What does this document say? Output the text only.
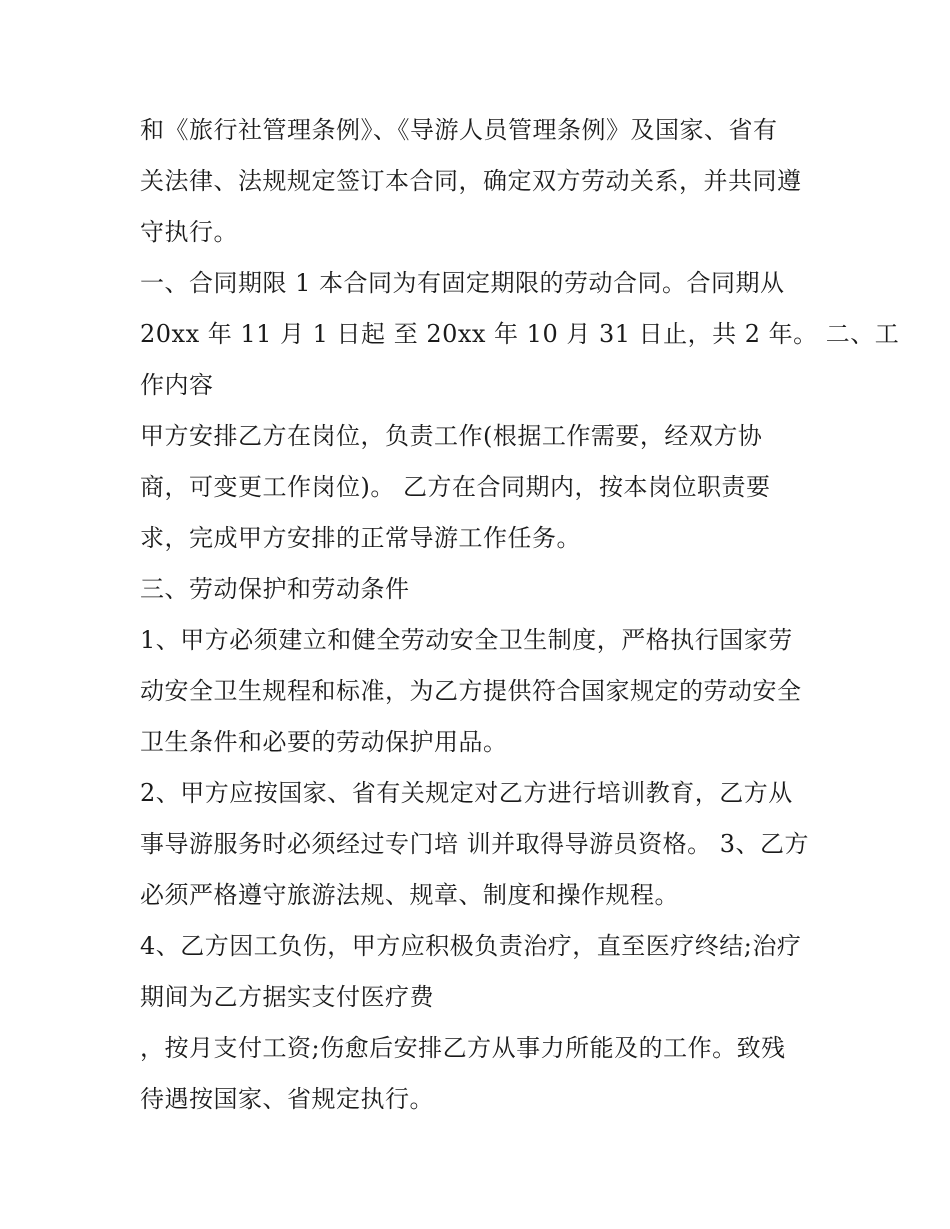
和《旅行社管理条例》、《导游人员管理条例》及国家、省有
关法律、法规规定签订本合同，确定双方劳动关系，并共同遵
守执行。
一、合同期限 1 本合同为有固定期限的劳动合同。合同期从
20xx 年 11 月 1 日起 至 20xx 年 10 月 31 日止，共 2 年。 二、工
作内容
甲方安排乙方在岗位，负责工作(根据工作需要，经双方协
商，可变更工作岗位)。 乙方在合同期内，按本岗位职责要
求，完成甲方安排的正常导游工作任务。
三、劳动保护和劳动条件
1、甲方必须建立和健全劳动安全卫生制度，严格执行国家劳
动安全卫生规程和标准，为乙方提供符合国家规定的劳动安全
卫生条件和必要的劳动保护用品。
2、甲方应按国家、省有关规定对乙方进行培训教育，乙方从
事导游服务时必须经过专门培 训并取得导游员资格。 3、乙方
必须严格遵守旅游法规、规章、制度和操作规程。
4、乙方因工负伤，甲方应积极负责治疗，直至医疗终结;治疗
期间为乙方据实支付医疗费
，按月支付工资;伤愈后安排乙方从事力所能及的工作。致残
待遇按国家、省规定执行。
